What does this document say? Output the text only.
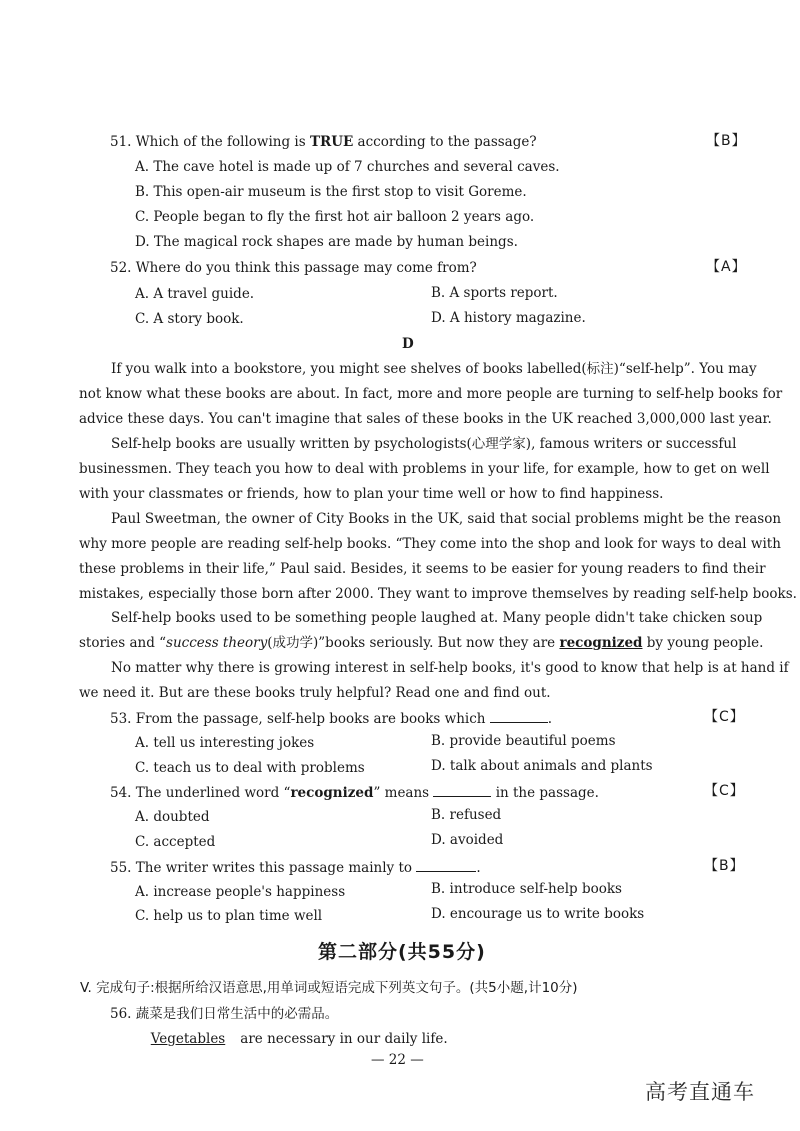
51. Which of the following is TRUE according to the passage?	【B】
A. The cave hotel is made up of 7 churches and several caves.
B. This open-air museum is the first stop to visit Goreme.
C. People began to fly the first hot air balloon 2 years ago.
D. The magical rock shapes are made by human beings.
52. Where do you think this passage may come from?	【A】
A. A travel guide.	B. A sports report.
C. A story book.	D. A history magazine.
D
If you walk into a bookstore, you might see shelves of books labelled(标注)“self-help”. You may
not know what these books are about. In fact, more and more people are turning to self-help books for
advice these days. You can't imagine that sales of these books in the UK reached 3,000,000 last year.
Self-help books are usually written by psychologists(心理学家), famous writers or successful
businessmen. They teach you how to deal with problems in your life, for example, how to get on well
with your classmates or friends, how to plan your time well or how to find happiness.
Paul Sweetman, the owner of City Books in the UK, said that social problems might be the reason
why more people are reading self-help books. “They come into the shop and look for ways to deal with
these problems in their life,” Paul said. Besides, it seems to be easier for young readers to find their
mistakes, especially those born after 2000. They want to improve themselves by reading self-help books.
Self-help books used to be something people laughed at. Many people didn't take chicken soup
stories and “success theory(成功学)”books seriously. But now they are recognized by young people.
No matter why there is growing interest in self-help books, it's good to know that help is at hand if
we need it. But are these books truly helpful? Read one and find out.
53. From the passage, self-help books are books which	.	【C】
A. tell us interesting jokes	B. provide beautiful poems
C. teach us to deal with problems	D. talk about animals and plants
54. The underlined word “recognized” means	in the passage.	【C】
A. doubted	B. refused
C. accepted	D. avoided
55. The writer writes this passage mainly to	.	【B】
A. increase people's happiness	B. introduce self-help books
C. help us to plan time well	D. encourage us to write books
第二部分(共55分)
V. 完成句子:根据所给汉语意思,用单词或短语完成下列英文句子。(共5小题,计10分)
56. 蔬菜是我们日常生活中的必需品。
Vegetables are necessary in our daily life.
— 22 —
高考直通车
